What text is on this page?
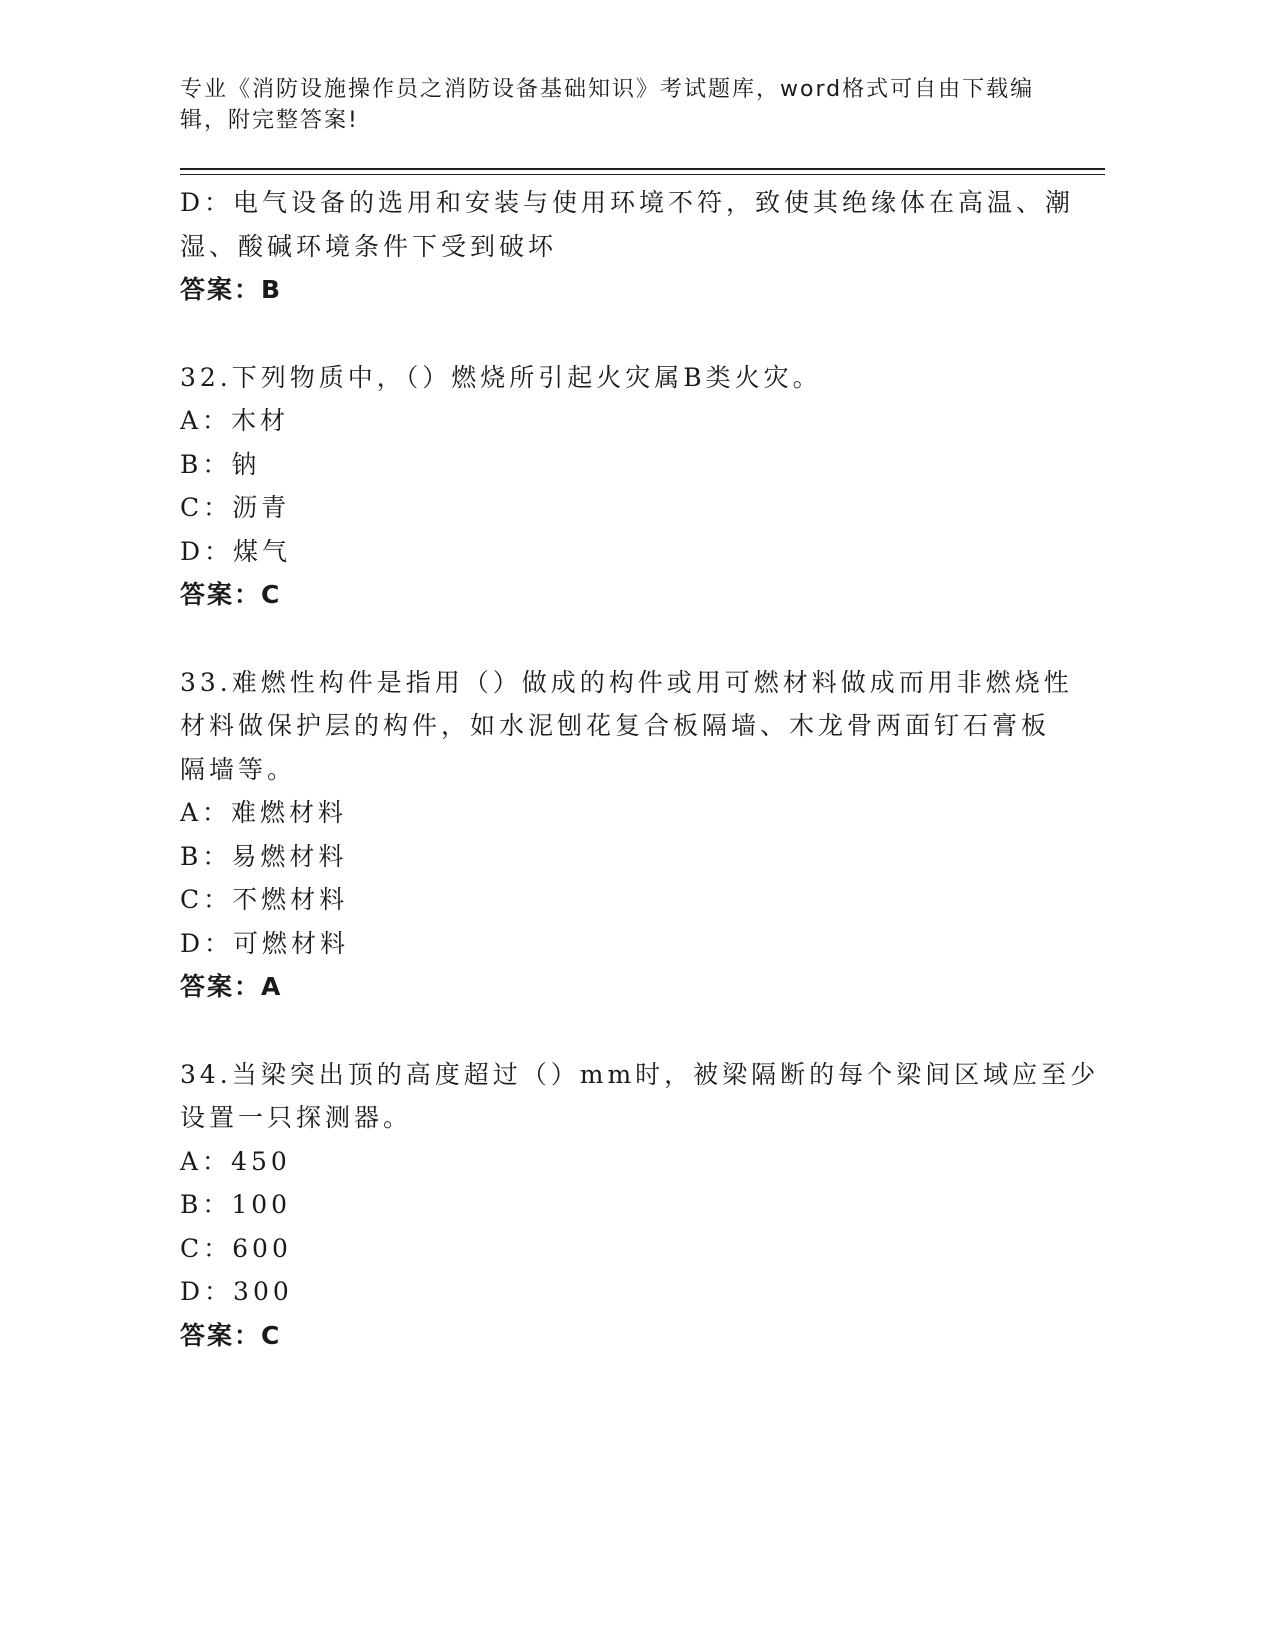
专业《消防设施操作员之消防设备基础知识》考试题库，word格式可自由下载编
辑，附完整答案!
D：电气设备的选用和安装与使用环境不符，致使其绝缘体在高温、潮
湿、酸碱环境条件下受到破坏
答案：B
32.下列物质中，（）燃烧所引起火灾属B类火灾。
A：木材
B：钠
C：沥青
D：煤气
答案：C
33.难燃性构件是指用（）做成的构件或用可燃材料做成而用非燃烧性
材料做保护层的构件，如水泥刨花复合板隔墙、木龙骨两面钉石膏板
隔墙等。
A：难燃材料
B：易燃材料
C：不燃材料
D：可燃材料
答案：A
34.当梁突出顶的高度超过（）mm时，被梁隔断的每个梁间区域应至少
设置一只探测器。
A：450
B：100
C：600
D：300
答案：C
